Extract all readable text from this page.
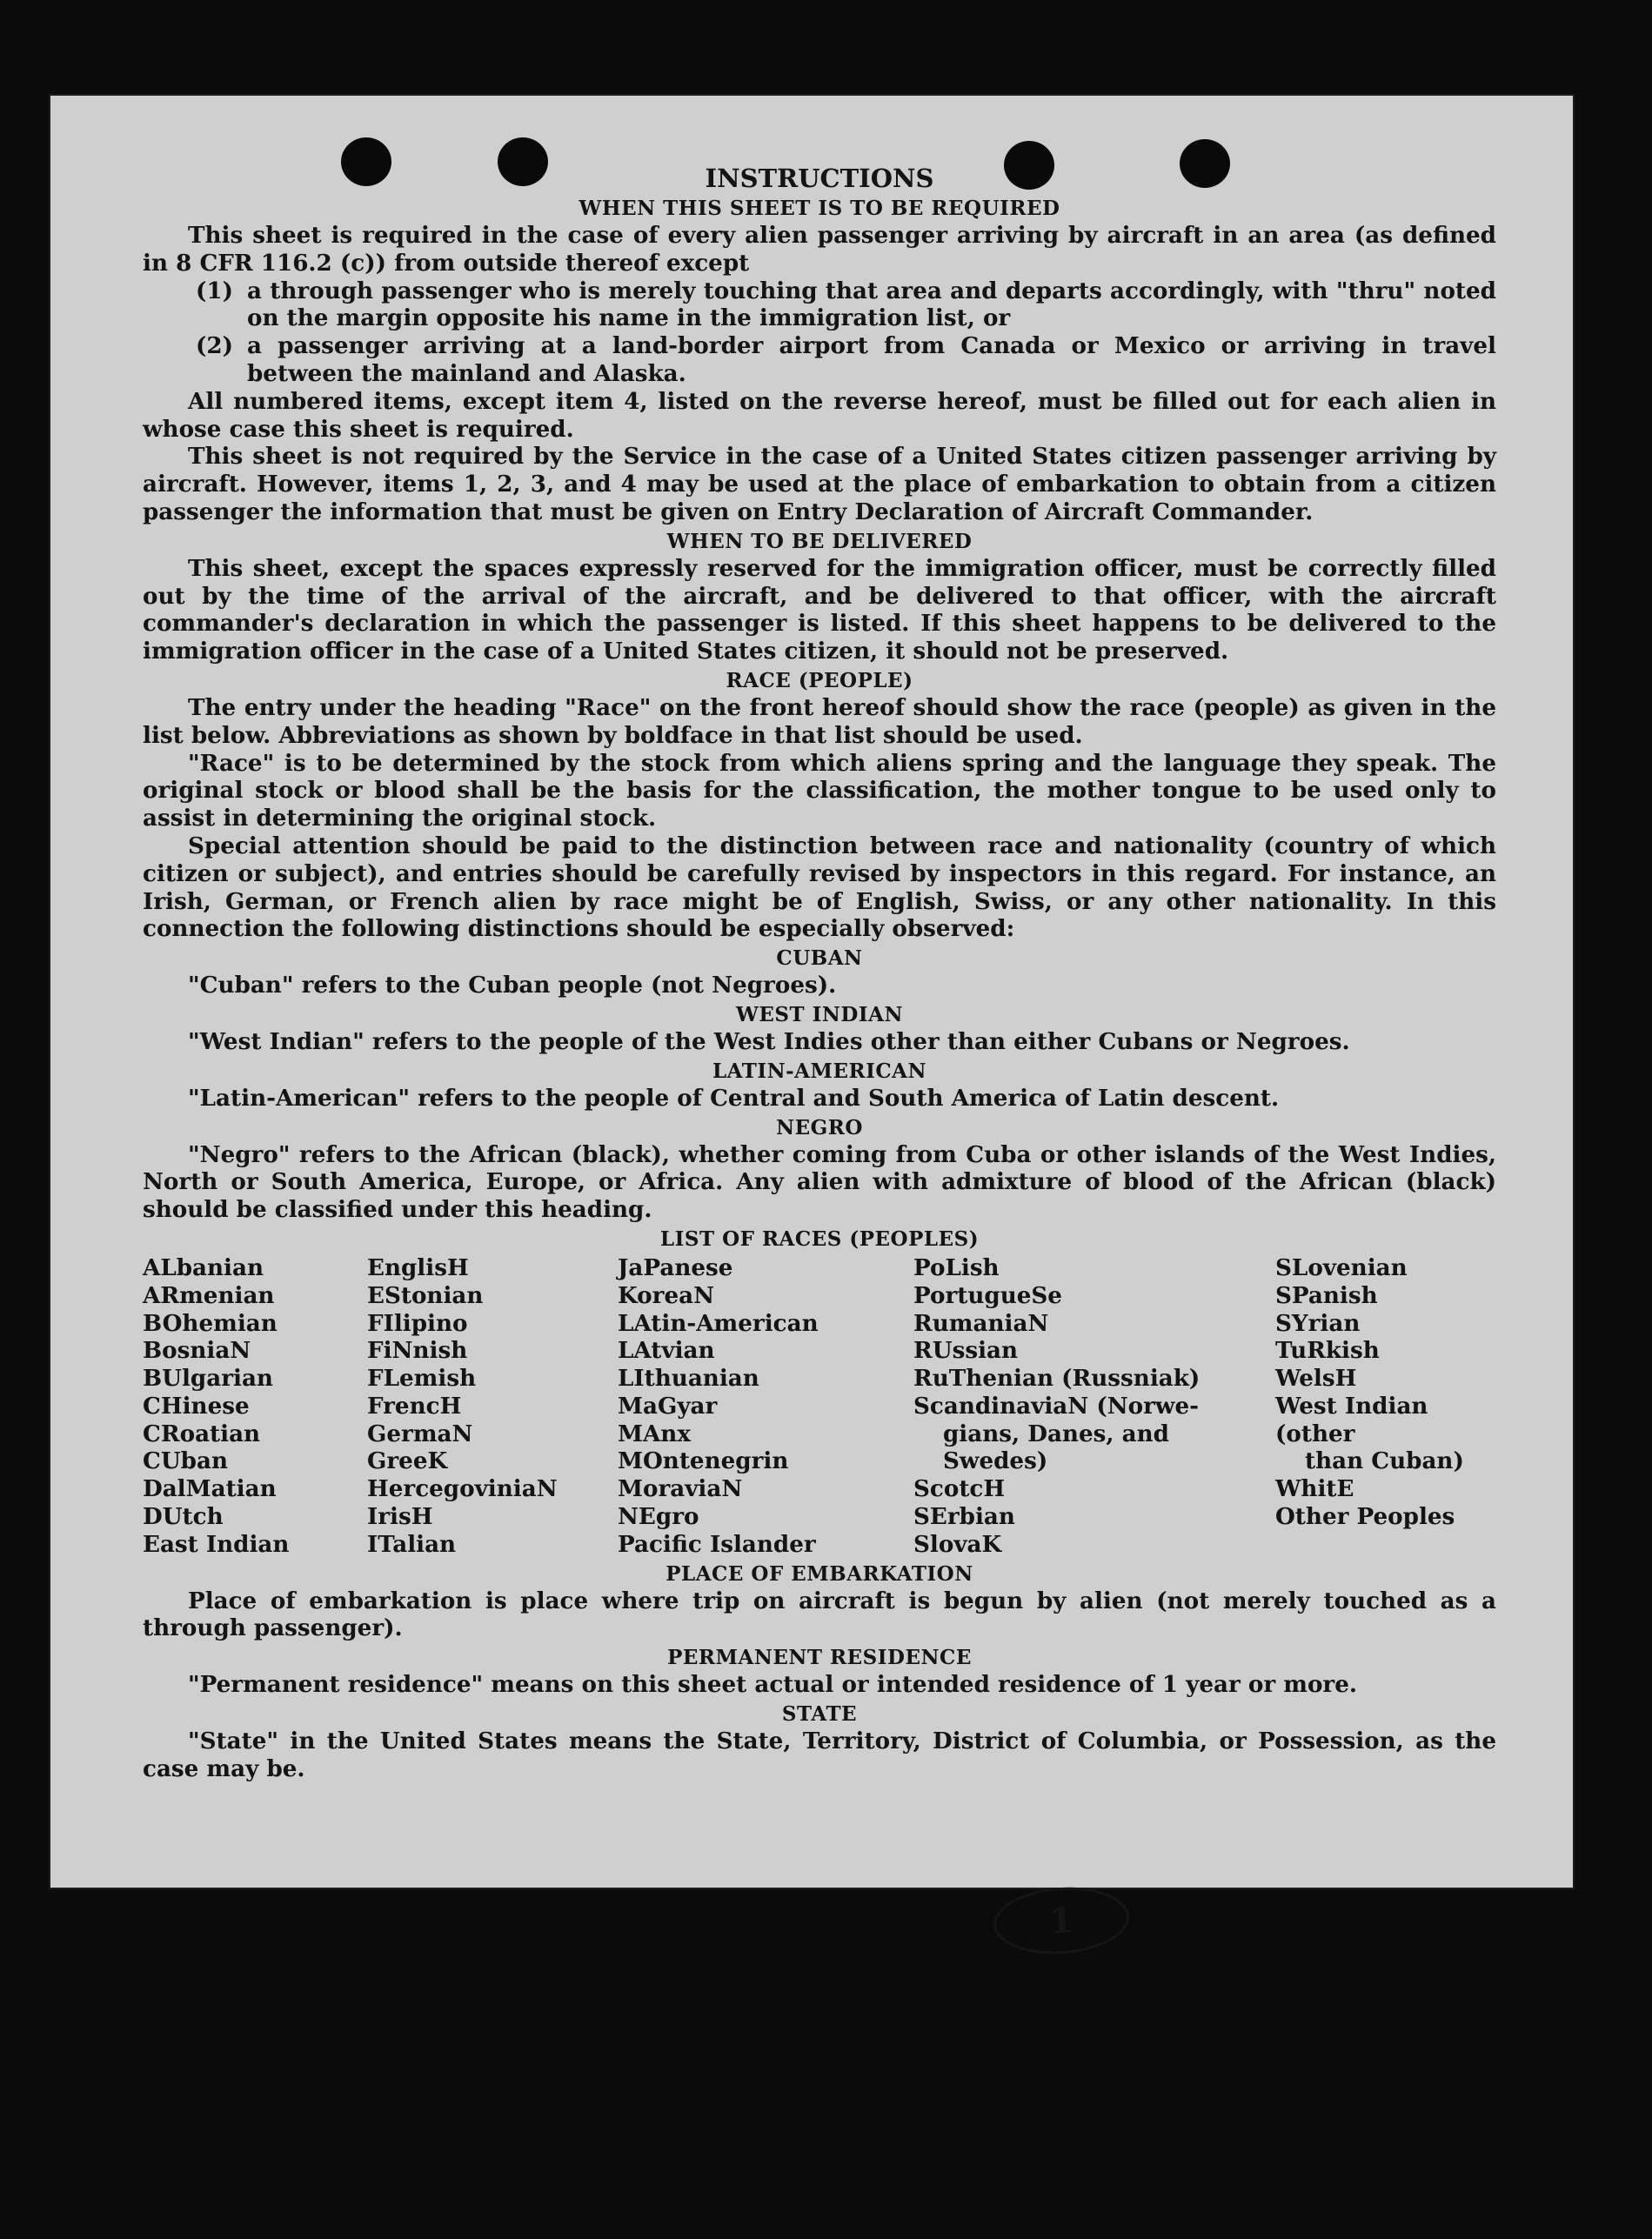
INSTRUCTIONS

WHEN THIS SHEET IS TO BE REQUIRED

This sheet is required in the case of every alien passenger arriving by aircraft in an area (as defined in 8 CFR 116.2 (c)) from outside thereof except

(1) a through passenger who is merely touching that area and departs accordingly, with "thru" noted on the margin opposite his name in the immigration list, or
(2) a passenger arriving at a land-border airport from Canada or Mexico or arriving in travel between the mainland and Alaska.

All numbered items, except item 4, listed on the reverse hereof, must be filled out for each alien in whose case this sheet is required.

This sheet is not required by the Service in the case of a United States citizen passenger arriving by aircraft. However, items 1, 2, 3, and 4 may be used at the place of embarkation to obtain from a citizen passenger the information that must be given on Entry Declaration of Aircraft Commander.

WHEN TO BE DELIVERED

This sheet, except the spaces expressly reserved for the immigration officer, must be correctly filled out by the time of the arrival of the aircraft, and be delivered to that officer, with the aircraft commander's declaration in which the passenger is listed. If this sheet happens to be delivered to the immigration officer in the case of a United States citizen, it should not be preserved.

RACE (PEOPLE)

The entry under the heading "Race" on the front hereof should show the race (people) as given in the list below. Abbreviations as shown by boldface in that list should be used.

"Race" is to be determined by the stock from which aliens spring and the language they speak. The original stock or blood shall be the basis for the classification, the mother tongue to be used only to assist in determining the original stock.

Special attention should be paid to the distinction between race and nationality (country of which citizen or subject), and entries should be carefully revised by inspectors in this regard. For instance, an Irish, German, or French alien by race might be of English, Swiss, or any other nationality. In this connection the following distinctions should be especially observed:

CUBAN

"Cuban" refers to the Cuban people (not Negroes).

WEST INDIAN

"West Indian" refers to the people of the West Indies other than either Cubans or Negroes.

LATIN-AMERICAN

"Latin-American" refers to the people of Central and South America of Latin descent.

NEGRO

"Negro" refers to the African (black), whether coming from Cuba or other islands of the West Indies, North or South America, Europe, or Africa. Any alien with admixture of blood of the African (black) should be classified under this heading.

LIST OF RACES (PEOPLES)

ALbanian
ARmenian
BOhemian
BosniaN
BUlgarian
CHinese
CRoatian
CUban
DalMatian
DUtch
East Indian
EnglisH
EStonian
FIlipino
FiNnish
FLemish
FrencH
GermaN
GreeK
HercegoviniaN
IrisH
ITalian
JaPanese
KoreaN
LAtin-American
LAtvian
LIthuanian
MaGyar
MAnx
MOntenegrin
MoraviaN
NEgro
Pacific Islander
PoLish
PortugueSe
RumaniaN
RUssian
RuThenian (Russniak)
ScandinaviaN (Norwe-
gians, Danes, and
Swedes)
ScotcH
SErbian
SlovaK
SLovenian
SPanish
SYrian
TuRkish
WelsH
West Indian (other
than Cuban)
WhitE
Other Peoples

PLACE OF EMBARKATION

Place of embarkation is place where trip on aircraft is begun by alien (not merely touched as a through passenger).

PERMANENT RESIDENCE

"Permanent residence" means on this sheet actual or intended residence of 1 year or more.

STATE

"State" in the United States means the State, Territory, District of Columbia, or Possession, as the case may be.

1
